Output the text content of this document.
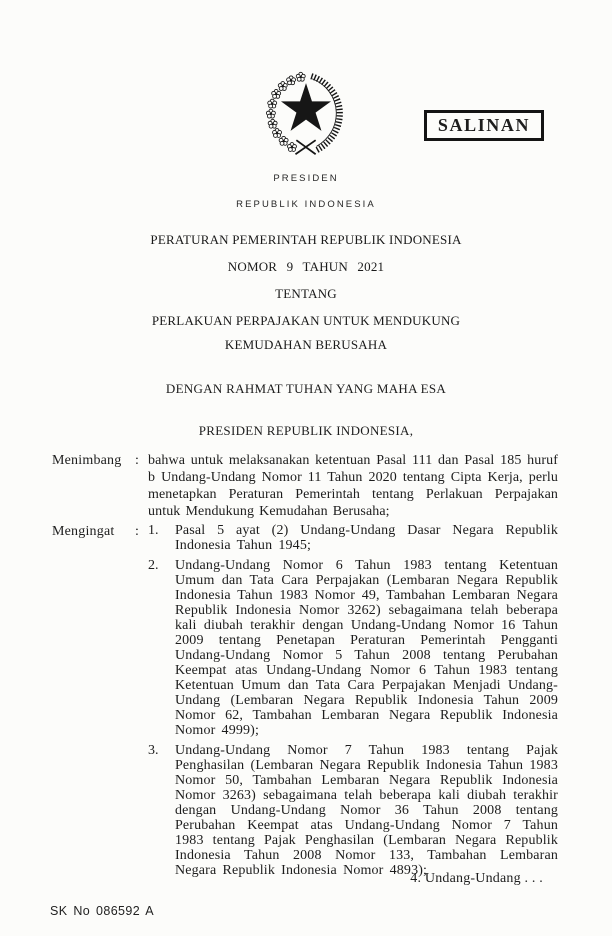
PRESIDEN

REPUBLIK INDONESIA

SALINAN
PERATURAN PEMERINTAH REPUBLIK INDONESIA
NOMOR 9 TAHUN 2021
TENTANG
PERLAKUAN PERPAJAKAN UNTUK MENDUKUNG
KEMUDAHAN BERUSAHA
DENGAN RAHMAT TUHAN YANG MAHA ESA
PRESIDEN REPUBLIK INDONESIA,
Menimbang : bahwa untuk melaksanakan ketentuan Pasal 111 dan Pasal 185 huruf b Undang-Undang Nomor 11 Tahun 2020 tentang Cipta Kerja, perlu menetapkan Peraturan Pemerintah tentang Perlakuan Perpajakan untuk Mendukung Kemudahan Berusaha;
Mengingat	: 1.	Pasal 5 ayat (2) Undang-Undang Dasar Negara Republik Indonesia Tahun 1945;
2.	Undang-Undang Nomor 6 Tahun 1983 tentang Ketentuan Umum dan Tata Cara Perpajakan (Lembaran Negara Republik Indonesia Tahun 1983 Nomor 49, Tambahan Lembaran Negara Republik Indonesia Nomor 3262) sebagaimana telah beberapa kali diubah terakhir dengan Undang-Undang Nomor 16 Tahun 2009 tentang Penetapan Peraturan Pemerintah Pengganti Undang-Undang Nomor 5 Tahun 2008 tentang Perubahan Keempat atas Undang-Undang Nomor 6 Tahun 1983 tentang Ketentuan Umum dan Tata Cara Perpajakan Menjadi Undang-Undang (Lembaran Negara Republik Indonesia Tahun 2009 Nomor 62, Tambahan Lembaran Negara Republik Indonesia Nomor 4999);
3.	Undang-Undang Nomor 7 Tahun 1983 tentang Pajak Penghasilan (Lembaran Negara Republik Indonesia Tahun 1983 Nomor 50, Tambahan Lembaran Negara Republik Indonesia Nomor 3263) sebagaimana telah beberapa kali diubah terakhir dengan Undang-Undang Nomor 36 Tahun 2008 tentang Perubahan Keempat atas Undang-Undang Nomor 7 Tahun 1983 tentang Pajak Penghasilan (Lembaran Negara Republik Indonesia Tahun 2008 Nomor 133, Tambahan Lembaran Negara Republik Indonesia Nomor 4893);
4. Undang-Undang . . .
SK No 086592 A
